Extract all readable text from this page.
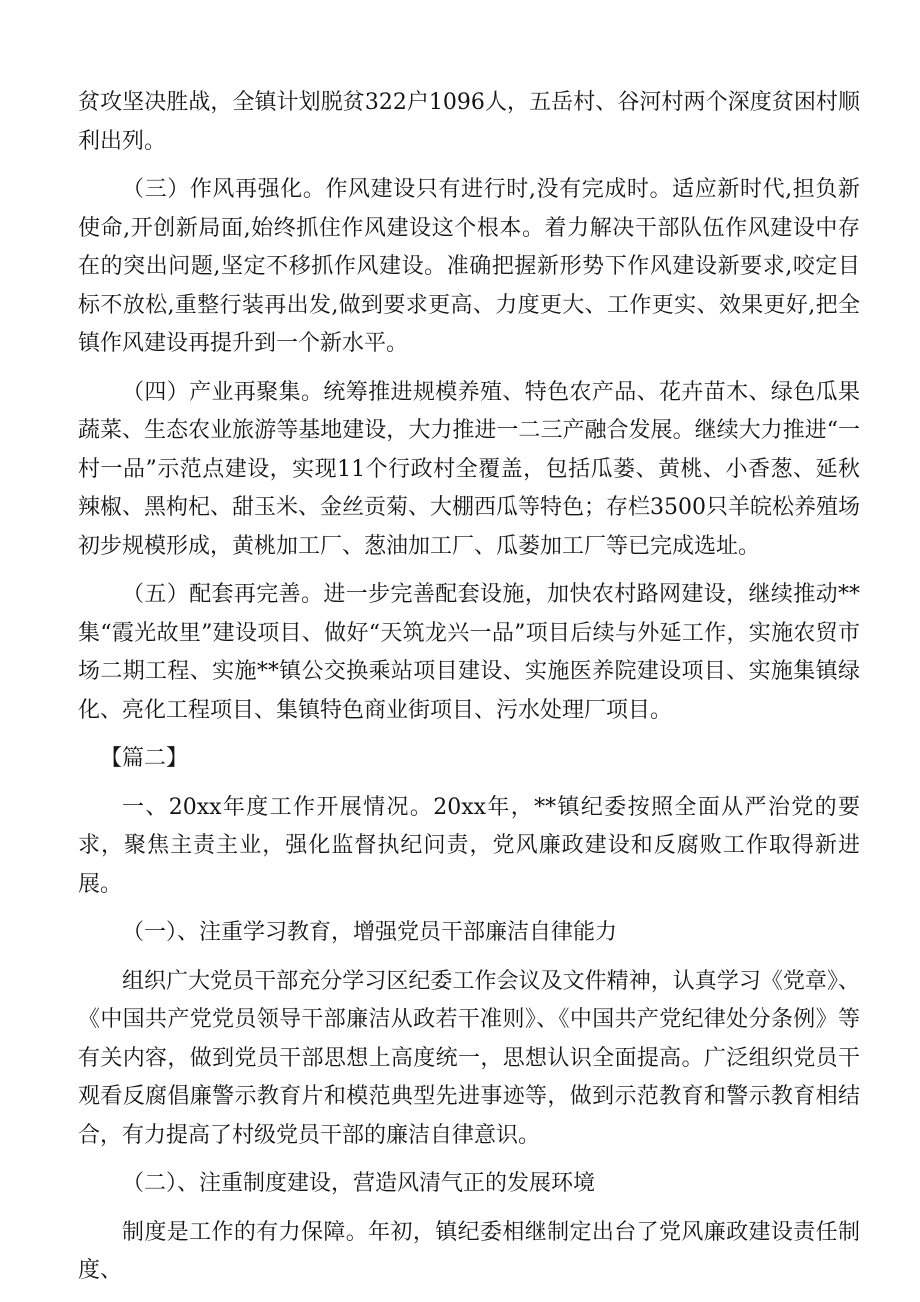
贫攻坚决胜战，全镇计划脱贫322户1096人，五岳村、谷河村两个深度贫困村顺利出列。

（三）作风再强化。作风建设只有进行时,没有完成时。适应新时代,担负新使命,开创新局面,始终抓住作风建设这个根本。着力解决干部队伍作风建设中存在的突出问题,坚定不移抓作风建设。准确把握新形势下作风建设新要求,咬定目标不放松,重整行装再出发,做到要求更高、力度更大、工作更实、效果更好,把全镇作风建设再提升到一个新水平。

（四）产业再聚集。统筹推进规模养殖、特色农产品、花卉苗木、绿色瓜果蔬菜、生态农业旅游等基地建设，大力推进一二三产融合发展。继续大力推进“一村一品”示范点建设，实现11个行政村全覆盖，包括瓜蒌、黄桃、小香葱、延秋辣椒、黑枸杞、甜玉米、金丝贡菊、大棚西瓜等特色；存栏3500只羊皖松养殖场初步规模形成，黄桃加工厂、葱油加工厂、瓜蒌加工厂等已完成选址。

（五）配套再完善。进一步完善配套设施，加快农村路网建设，继续推动**集“霞光故里”建设项目、做好“天筑龙兴一品”项目后续与外延工作，实施农贸市场二期工程、实施**镇公交换乘站项目建设、实施医养院建设项目、实施集镇绿化、亮化工程项目、集镇特色商业街项目、污水处理厂项目。

【篇二】

一、20xx年度工作开展情况。20xx年，**镇纪委按照全面从严治党的要求，聚焦主责主业，强化监督执纪问责，党风廉政建设和反腐败工作取得新进展。

（一）、注重学习教育，增强党员干部廉洁自律能力

组织广大党员干部充分学习区纪委工作会议及文件精神，认真学习《党章》、《中国共产党党员领导干部廉洁从政若干准则》、《中国共产党纪律处分条例》等有关内容，做到党员干部思想上高度统一，思想认识全面提高。广泛组织党员干观看反腐倡廉警示教育片和模范典型先进事迹等，做到示范教育和警示教育相结合，有力提高了村级党员干部的廉洁自律意识。

（二）、注重制度建设，营造风清气正的发展环境

制度是工作的有力保障。年初，镇纪委相继制定出台了党风廉政建设责任制度、
